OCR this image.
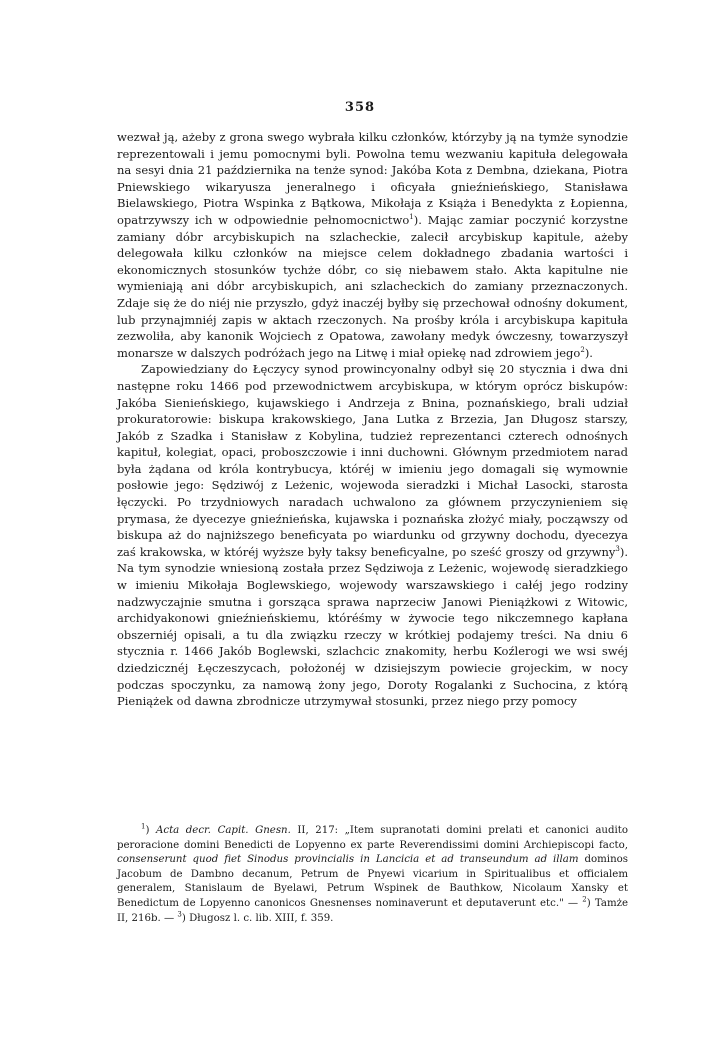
358

wezwał ją, ażeby z grona swego wybrała kilku członków, którzyby ją na tymże synodzie reprezentowali i jemu pomocnymi byli. Powolna temu wezwaniu kapituła delegowała na sesyi dnia 21 października na tenże synod: Jakóba Kota z Dembna, dziekana, Piotra Pniewskiego wikaryusza jeneralnego i oficyała gnieźnieńskiego, Stanisława Bielawskiego, Piotra Wspinka z Bątkowa, Mikołaja z Książa i Benedykta z Łopienna, opatrzywszy ich w odpowiednie pełnomocnictwo$^1$). Mając zamiar poczynić korzystne zamiany dóbr arcybiskupich na szlacheckie, zalecił arcybiskup kapitule, ażeby delegowała kilku członków na miejsce celem dokładnego zbadania wartości i ekonomicznych stosunków tychże dóbr, co się niebawem stało. Akta kapitulne nie wymieniają ani dóbr arcybiskupich, ani szlacheckich do zamiany przeznaczonych. Zdaje się że do niéj nie przyszło, gdyż inaczéj byłby się przechował odnośny dokument, lub przynajmniéj zapis w aktach rzeczonych. Na prośby króla i arcybiskupa kapituła zezwoliła, aby kanonik Wojciech z Opatowa, zawołany medyk ówczesny, towarzyszył monarsze w dalszych podróżach jego na Litwę i miał opiekę nad zdrowiem jego$^2$).

Zapowiedziany do Łęczycy synod prowincyonalny odbył się 20 stycznia i dwa dni następne roku 1466 pod przewodnictwem arcybiskupa, w którym oprócz biskupów: Jakóba Sienieńskiego, kujawskiego i Andrzeja z Bnina, poznańskiego, brali udział prokuratorowie: biskupa krakowskiego, Jana Lutka z Brzezia, Jan Długosz starszy, Jakób z Szadka i Stanisław z Kobylina, tudzież reprezentanci czterech odnośnych kapituł, kolegiat, opaci, proboszczowie i inni duchowni. Głównym przedmiotem narad była żądana od króla kontrybucya, któréj w imieniu jego domagali się wymownie posłowie jego: Sędziwój z Leżenic, wojewoda sieradzki i Michał Lasocki, starosta łęczycki. Po trzydniowych naradach uchwalono za głównem przyczynieniem się prymasa, że dyecezye gnieźnieńska, kujawska i poznańska złożyć miały, począwszy od biskupa aż do najniższego beneficyata po wiardunku od grzywny dochodu, dyecezya zaś krakowska, w któréj wyższe były taksy beneficyalne, po sześć groszy od grzywny$^3$). Na tym synodzie wniesioną została przez Sędziwoja z Leżenic, wojewodę sieradzkiego w imieniu Mikołaja Boglewskiego, wojewody warszawskiego i całéj jego rodziny nadzwyczajnie smutna i gorsząca sprawa naprzeciw Janowi Pieniążkowi z Witowic, archidyakonowi gnieźnieńskiemu, któréśmy w żywocie tego nikczemnego kapłana obszerniéj opisali, a tu dla związku rzeczy w krótkiej podajemy treści. Na dniu 6 stycznia r. 1466 Jakób Boglewski, szlachcic znakomity, herbu Koźlerogi we wsi swéj dziedzicznéj Łęczeszycach, położonéj w dzisiejszym powiecie grojeckim, w nocy podczas spoczynku, za namową żony jego, Doroty Rogalanki z Suchocina, z którą Pieniążek od dawna zbrodnicze utrzymywał stosunki, przez niego przy pomocy

$^1$) Acta decr. Capit. Gnesn. II, 217: „Item supranotati domini prelati et canonici audito peroracione domini Benedicti de Lopyenno ex parte Reverendissimi domini Archiepiscopi facto, consenserunt quod fiet Sinodus provincialis in Lancicia et ad transeundum ad illam dominos Jacobum de Dambno decanum, Petrum de Pnyewi vicarium in Spiritualibus et officialem generalem, Stanislaum de Byelawi, Petrum Wspinek de Bauthkow, Nicolaum Xansky et Benedictum de Lopyenno canonicos Gnesnenses nominaverunt et deputaverunt etc." — $^2$) Tamże II, 216b. — $^3$) Długosz l. c. lib. XIII, f. 359.
